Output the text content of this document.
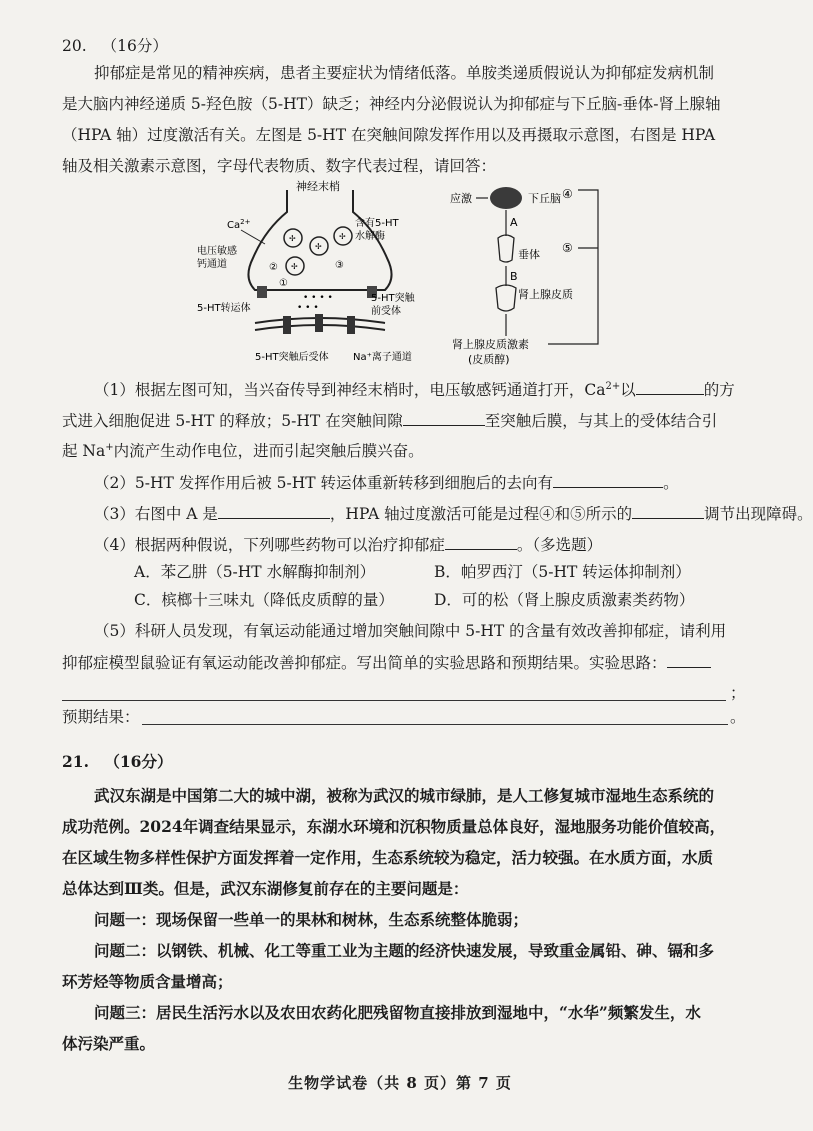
20. （16分）
抑郁症是常见的精神疾病，患者主要症状为情绪低落。单胺类递质假说认为抑郁症发病机制
是大脑内神经递质 5-羟色胺（5-HT）缺乏；神经内分泌假说认为抑郁症与下丘脑-垂体-肾上腺轴
（HPA 轴）过度激活有关。左图是 5-HT 在突触间隙发挥作用以及再摄取示意图，右图是 HPA
轴及相关激素示意图，字母代表物质、数字代表过程，请回答：
神经末梢
$Ca^{2+}$
✢
✢
✢
✢
含有5-HT
水解酶
电压敏感
钙通道
①
②	③
• • • •
• • •
5-HT转运体
5-HT突触
前受体
5-HT突触后受体 Na⁺离子通道
应激	下丘脑 ④
A
垂体 ⑤
B
肾上腺皮质
肾上腺皮质激素
(皮质醇)
（1）根据左图可知，当兴奋传导到神经末梢时，电压敏感钙通道打开，$Ca^{2+}$以	的方
式进入细胞促进 5-HT 的释放；5-HT 在突触间隙	至突触后膜，与其上的受体结合引
起 Na+内流产生动作电位，进而引起突触后膜兴奋。
（2）5-HT 发挥作用后被 5-HT 转运体重新转移到细胞后的去向有	。
（3）右图中 A 是	，HPA 轴过度激活可能是过程④和⑤所示的	调节出现障碍。
（4）根据两种假说，下列哪些药物可以治疗抑郁症	。（多选题）
A．苯乙肼（5-HT 水解酶抑制剂）	B．帕罗西汀（5-HT 转运体抑制剂）
C．槟榔十三味丸（降低皮质醇的量）	D．可的松（肾上腺皮质激素类药物）
（5）科研人员发现，有氧运动能通过增加突触间隙中 5-HT 的含量有效改善抑郁症，请利用
抑郁症模型鼠验证有氧运动能改善抑郁症。写出简单的实验思路和预期结果。实验思路：
；
预期结果：	。
21. （16分）
武汉东湖是中国第二大的城中湖，被称为武汉的城市绿肺，是人工修复城市湿地生态系统的
成功范例。2024年调查结果显示，东湖水环境和沉积物质量总体良好，湿地服务功能价值较高，
在区域生物多样性保护方面发挥着一定作用，生态系统较为稳定，活力较强。在水质方面，水质
总体达到Ⅲ类。但是，武汉东湖修复前存在的主要问题是：
问题一：现场保留一些单一的果林和树林，生态系统整体脆弱；
问题二：以钢铁、机械、化工等重工业为主题的经济快速发展，导致重金属铅、砷、镉和多
环芳烃等物质含量增高；
问题三：居民生活污水以及农田农药化肥残留物直接排放到湿地中，“水华”频繁发生，水
体污染严重。
生物学试卷（共 8 页）第 7 页
